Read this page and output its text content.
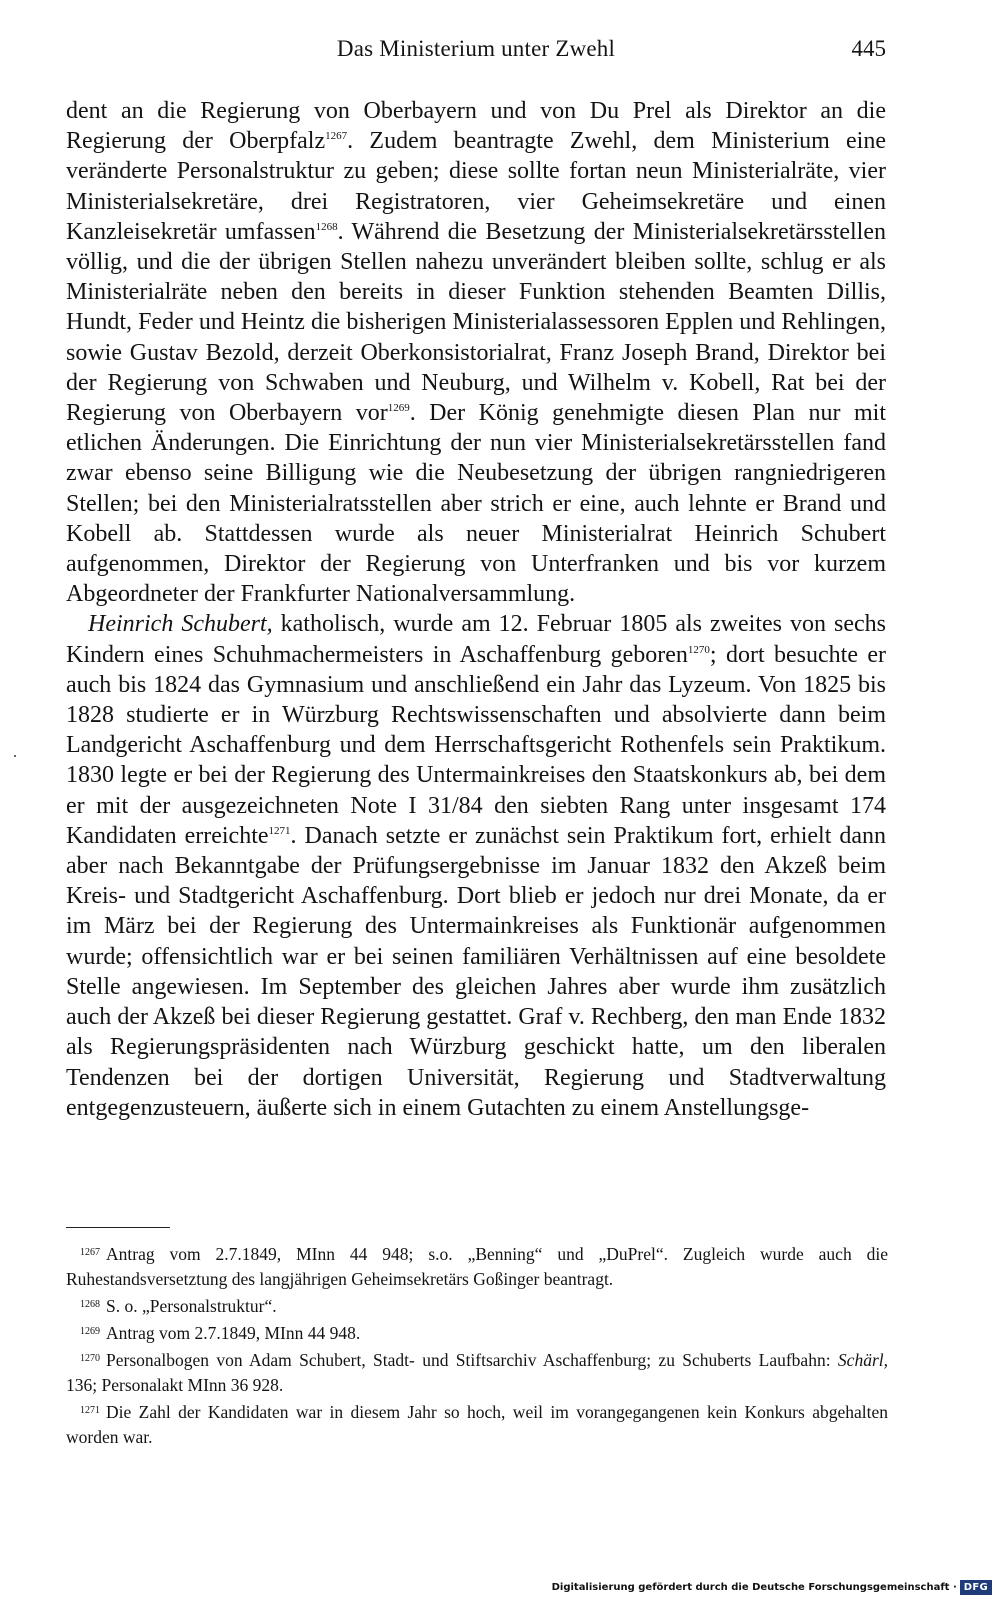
Das Ministerium unter Zwehl	445

dent an die Regierung von Oberbayern und von Du Prel als Direktor an die Regierung der Oberpfalz$^{1267}$. Zudem beantragte Zwehl, dem Ministerium eine veränderte Personalstruktur zu geben; diese sollte fortan neun Ministerialräte, vier Ministerialsekretäre, drei Registratoren, vier Geheimsekretäre und einen Kanzleisekretär umfassen$^{1268}$. Während die Besetzung der Ministerialsekretärsstellen völlig, und die der übrigen Stellen nahezu unverändert bleiben sollte, schlug er als Ministerialräte neben den bereits in dieser Funktion stehenden Beamten Dillis, Hundt, Feder und Heintz die bisherigen Ministerialassessoren Epplen und Rehlingen, sowie Gustav Bezold, derzeit Oberkonsistorialrat, Franz Joseph Brand, Direktor bei der Regierung von Schwaben und Neuburg, und Wilhelm v. Kobell, Rat bei der Regierung von Oberbayern vor$^{1269}$. Der König genehmigte diesen Plan nur mit etlichen Änderungen. Die Einrichtung der nun vier Ministerialsekretärsstellen fand zwar ebenso seine Billigung wie die Neubesetzung der übrigen rangniedrigeren Stellen; bei den Ministerialratsstellen aber strich er eine, auch lehnte er Brand und Kobell ab. Stattdessen wurde als neuer Ministerialrat Heinrich Schubert aufgenommen, Direktor der Regierung von Unterfranken und bis vor kurzem Abgeordneter der Frankfurter Nationalversammlung.

Heinrich Schubert, katholisch, wurde am 12. Februar 1805 als zweites von sechs Kindern eines Schuhmachermeisters in Aschaffenburg geboren$^{1270}$; dort besuchte er auch bis 1824 das Gymnasium und anschließend ein Jahr das Lyzeum. Von 1825 bis 1828 studierte er in Würzburg Rechtswissenschaften und absolvierte dann beim Landgericht Aschaffenburg und dem Herrschaftsgericht Rothenfels sein Praktikum. 1830 legte er bei der Regierung des Untermainkreises den Staatskonkurs ab, bei dem er mit der ausgezeichneten Note I 31/84 den siebten Rang unter insgesamt 174 Kandidaten erreichte$^{1271}$. Danach setzte er zunächst sein Praktikum fort, erhielt dann aber nach Bekanntgabe der Prüfungsergebnisse im Januar 1832 den Akzeß beim Kreis- und Stadtgericht Aschaffenburg. Dort blieb er jedoch nur drei Monate, da er im März bei der Regierung des Untermainkreises als Funktionär aufgenommen wurde; offensichtlich war er bei seinen familiären Verhältnissen auf eine besoldete Stelle angewiesen. Im September des gleichen Jahres aber wurde ihm zusätzlich auch der Akzeß bei dieser Regierung gestattet. Graf v. Rechberg, den man Ende 1832 als Regierungspräsidenten nach Würzburg geschickt hatte, um den liberalen Tendenzen bei der dortigen Universität, Regierung und Stadtverwaltung entgegenzusteuern, äußerte sich in einem Gutachten zu einem Anstellungsge-

1267 Antrag vom 2.7.1849, MInn 44 948; s.o. „Benning“ und „DuPrel“. Zugleich wurde auch die Ruhestandsversetztung des langjährigen Geheimsekretärs Goßinger beantragt.

1268 S. o. „Personalstruktur“.

1269 Antrag vom 2.7.1849, MInn 44 948.

1270 Personalbogen von Adam Schubert, Stadt- und Stiftsarchiv Aschaffenburg; zu Schuberts Laufbahn: Schärl, 136; Personalakt MInn 36 928.

1271 Die Zahl der Kandidaten war in diesem Jahr so hoch, weil im vorangegangenen kein Konkurs abgehalten worden war.

Digitalisierung gefördert durch die Deutsche Forschungsgemeinschaft · DFG
